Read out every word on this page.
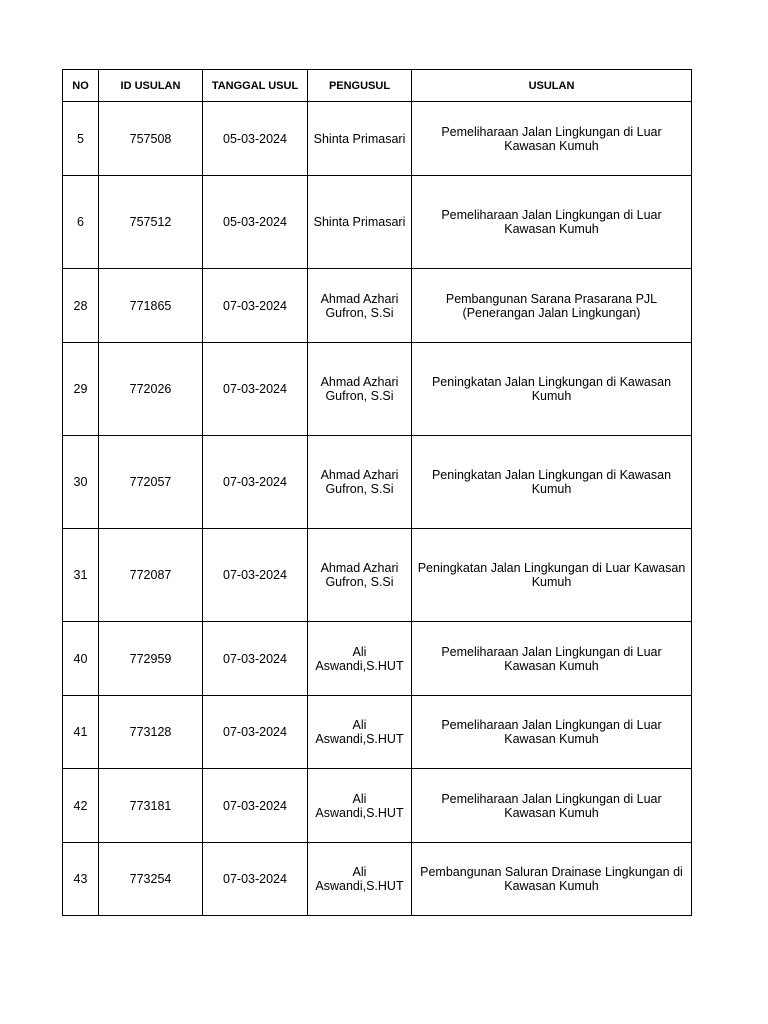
NO	ID USULAN	TANGGAL USUL	PENGUSUL	USULAN
5	757508	05-03-2024	Shinta Primasari	Pemeliharaan Jalan Lingkungan di Luar Kawasan Kumuh
6	757512	05-03-2024	Shinta Primasari	Pemeliharaan Jalan Lingkungan di Luar Kawasan Kumuh
28	771865	07-03-2024	Ahmad Azhari Gufron, S.Si	Pembangunan Sarana Prasarana PJL (Penerangan Jalan Lingkungan)
29	772026	07-03-2024	Ahmad Azhari Gufron, S.Si	Peningkatan Jalan Lingkungan di Kawasan Kumuh
30	772057	07-03-2024	Ahmad Azhari Gufron, S.Si	Peningkatan Jalan Lingkungan di Kawasan Kumuh
31	772087	07-03-2024	Ahmad Azhari Gufron, S.Si	Peningkatan Jalan Lingkungan di Luar Kawasan Kumuh
40	772959	07-03-2024	Ali Aswandi,S.HUT	Pemeliharaan Jalan Lingkungan di Luar Kawasan Kumuh
41	773128	07-03-2024	Ali Aswandi,S.HUT	Pemeliharaan Jalan Lingkungan di Luar Kawasan Kumuh
42	773181	07-03-2024	Ali Aswandi,S.HUT	Pemeliharaan Jalan Lingkungan di Luar Kawasan Kumuh
43	773254	07-03-2024	Ali Aswandi,S.HUT	Pembangunan Saluran Drainase Lingkungan di Kawasan Kumuh
